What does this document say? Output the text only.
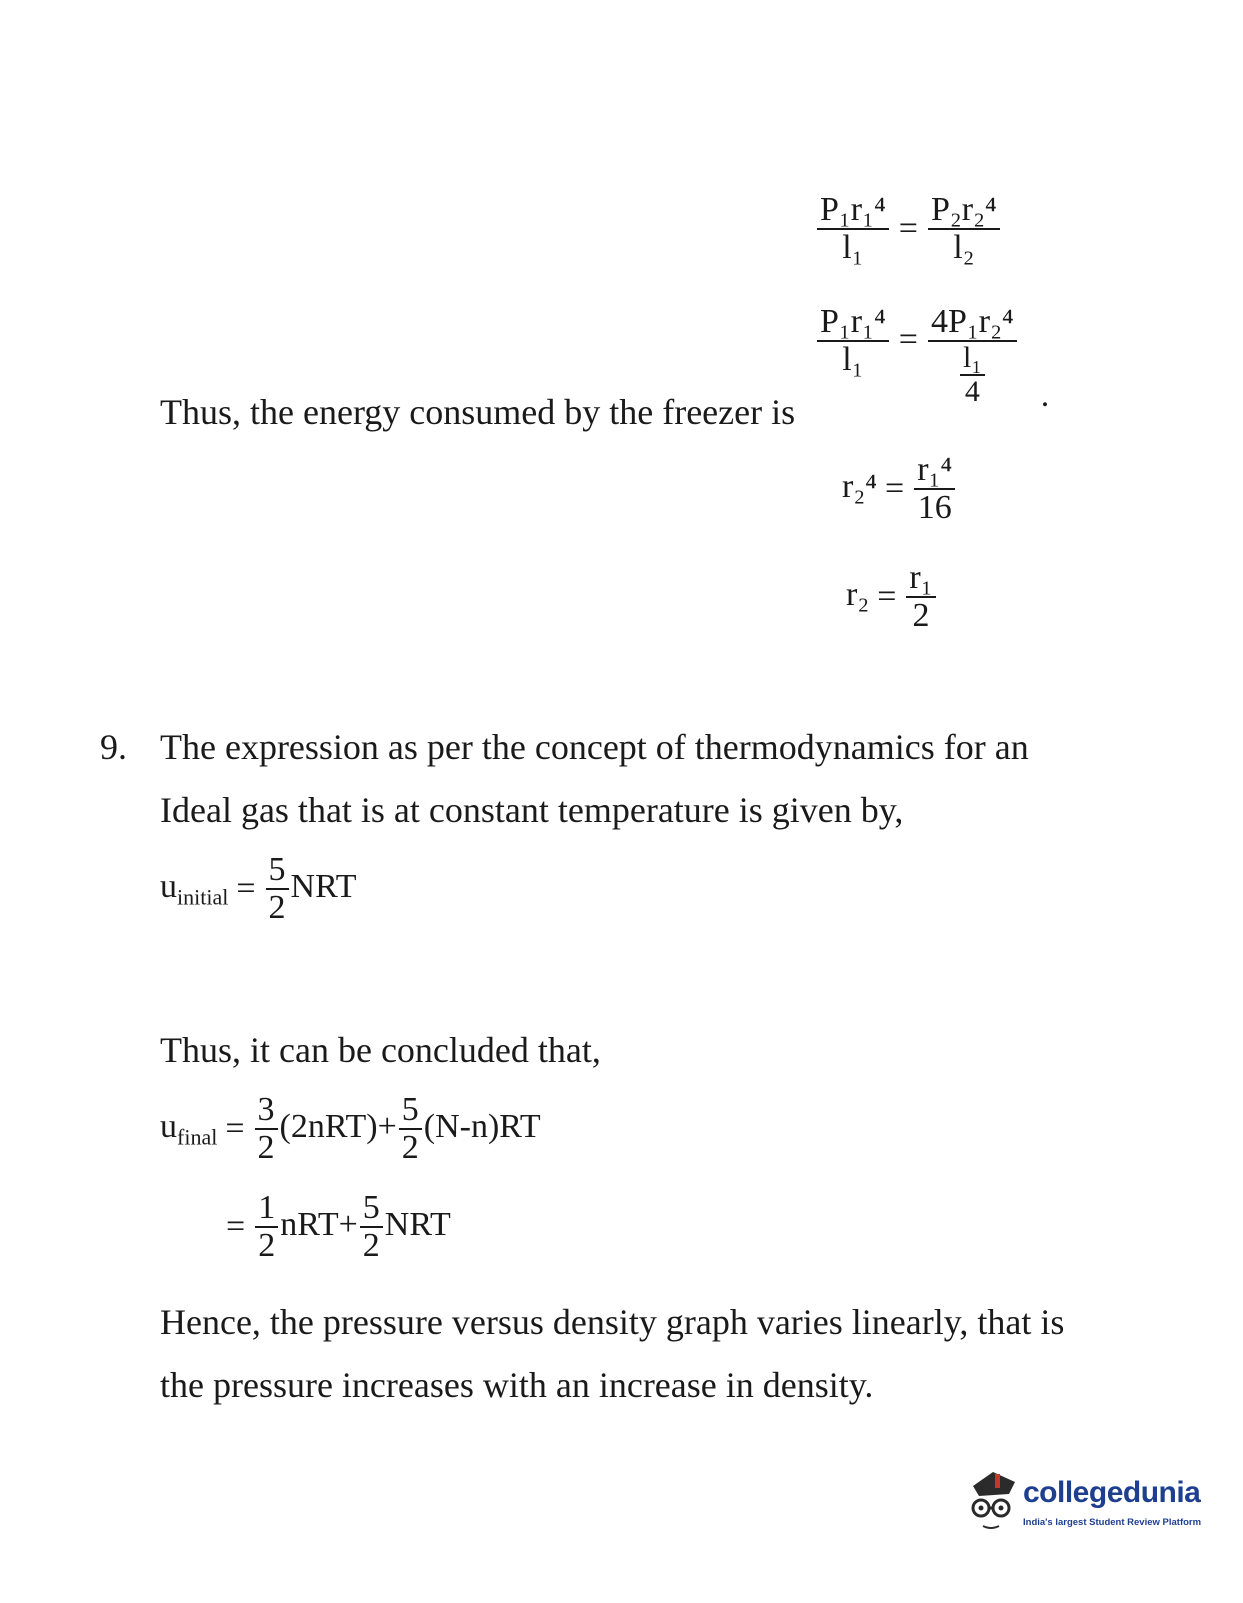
Thus, the energy consumed by the freezer is
$\frac{\text{P₁r₁⁴}}{\text{l₁}} = \frac{\text{P₂r₂⁴}}{\text{l₂}}$
$\frac{\text{P₁r₁⁴}}{\text{l₁}} = \frac{\text{4P₁r₂⁴}}{\frac{\text{l₁}}{4}}$ .
$r_2^4 = \frac{\text{r₁⁴}}{16}$
$r_2 = \frac{\text{r₁}}{2}$
9. The expression as per the concept of thermodynamics for an
Ideal gas that is at constant temperature is given by,
$u_{initial} = \frac{5}{2}$ NRT
Thus, it can be concluded that,
$u_{final} = \frac{3}{2} (2nRT)+ \frac{5}{2} (N-n)RT$
= $\frac{1}{2} nRT+ \frac{5}{2}$ NRT
Hence, the pressure versus density graph varies linearly, that is
the pressure increases with an increase in density.
collegedunia
India's largest Student Review Platform
